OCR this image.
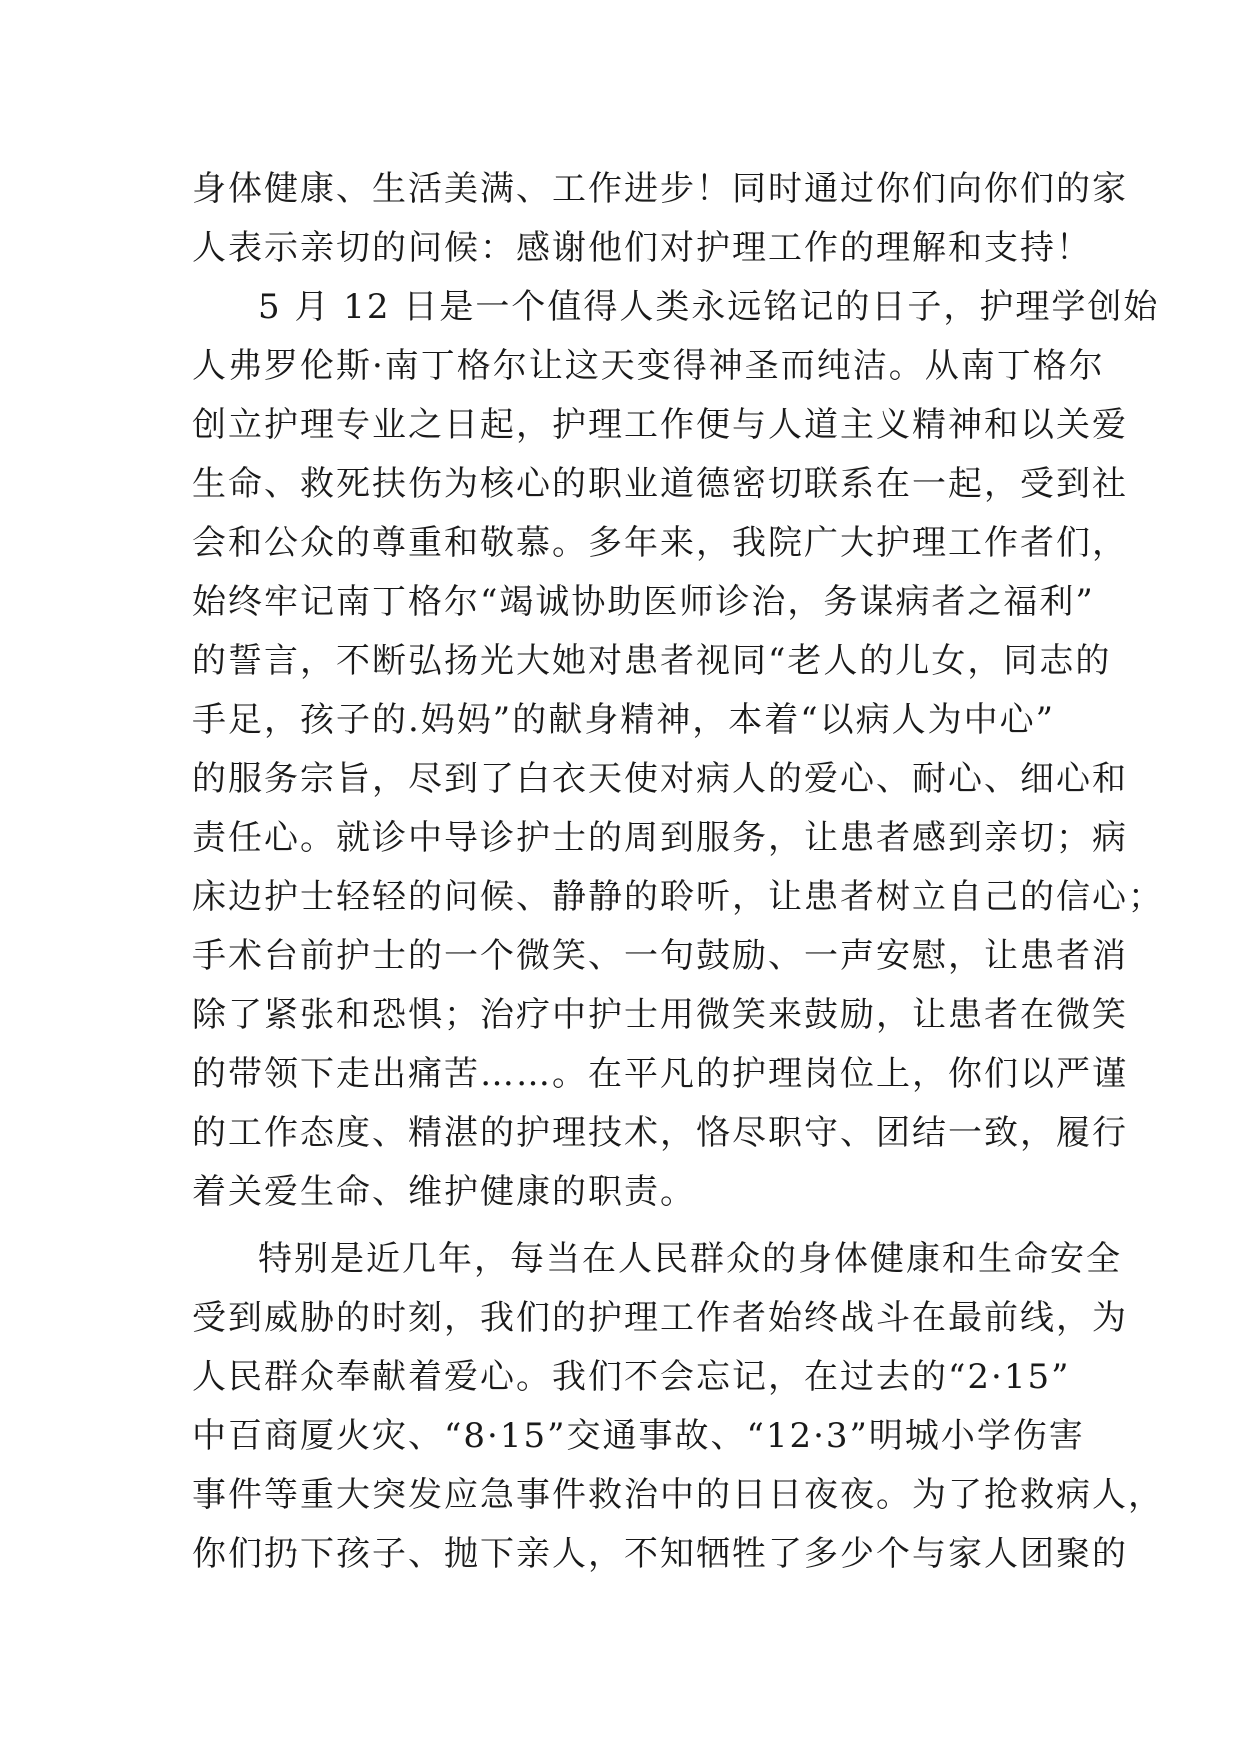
身体健康、生活美满、工作进步！同时通过你们向你们的家
人表示亲切的问候：感谢他们对护理工作的理解和支持！
5 月 12 日是一个值得人类永远铭记的日子，护理学创始
人弗罗伦斯·南丁格尔让这天变得神圣而纯洁。从南丁格尔
创立护理专业之日起，护理工作便与人道主义精神和以关爱
生命、救死扶伤为核心的职业道德密切联系在一起，受到社
会和公众的尊重和敬慕。多年来，我院广大护理工作者们，
始终牢记南丁格尔“竭诚协助医师诊治，务谋病者之福利”
的誓言，不断弘扬光大她对患者视同“老人的儿女，同志的
手足，孩子的.妈妈”的献身精神，本着“以病人为中心”
的服务宗旨，尽到了白衣天使对病人的爱心、耐心、细心和
责任心。就诊中导诊护士的周到服务，让患者感到亲切；病
床边护士轻轻的问候、静静的聆听，让患者树立自己的信心；
手术台前护士的一个微笑、一句鼓励、一声安慰，让患者消
除了紧张和恐惧；治疗中护士用微笑来鼓励，让患者在微笑
的带领下走出痛苦……。在平凡的护理岗位上，你们以严谨
的工作态度、精湛的护理技术，恪尽职守、团结一致，履行
着关爱生命、维护健康的职责。
特别是近几年，每当在人民群众的身体健康和生命安全
受到威胁的时刻，我们的护理工作者始终战斗在最前线，为
人民群众奉献着爱心。我们不会忘记，在过去的“2·15”
中百商厦火灾、“8·15”交通事故、“12·3”明城小学伤害
事件等重大突发应急事件救治中的日日夜夜。为了抢救病人，
你们扔下孩子、抛下亲人，不知牺牲了多少个与家人团聚的
